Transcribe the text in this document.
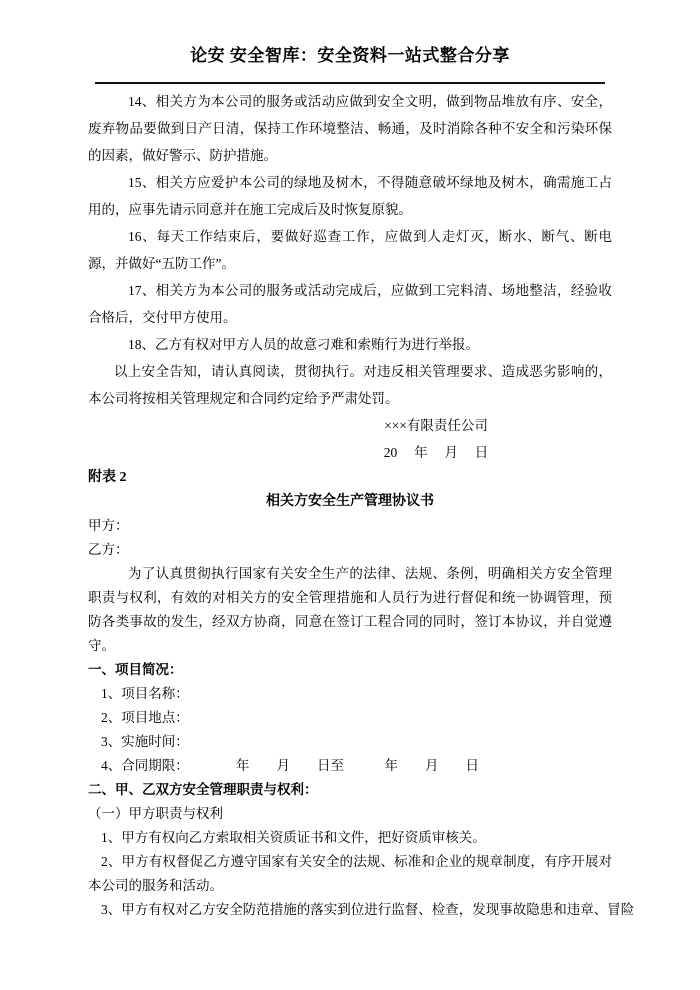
论安 安全智库：安全资料一站式整合分享

14、相关方为本公司的服务或活动应做到安全文明，做到物品堆放有序、安全，废弃物品要做到日产日清，保持工作环境整洁、畅通，及时消除各种不安全和污染环保的因素，做好警示、防护措施。

15、相关方应爱护本公司的绿地及树木，不得随意破坏绿地及树木，确需施工占用的，应事先请示同意并在施工完成后及时恢复原貌。

16、每天工作结束后，要做好巡查工作，应做到人走灯灭，断水、断气、断电源，并做好“五防工作”。

17、相关方为本公司的服务或活动完成后，应做到工完料清、场地整洁，经验收合格后，交付甲方使用。

18、乙方有权对甲方人员的故意刁难和索贿行为进行举报。

以上安全告知，请认真阅读，贯彻执行。对违反相关管理要求、造成恶劣影响的，本公司将按相关管理规定和合同约定给予严肃处罚。

×××有限责任公司

20　 年　 月　 日

附表 2

相关方安全生产管理协议书

甲方：

乙方：

为了认真贯彻执行国家有关安全生产的法律、法规、条例，明确相关方安全管理职责与权利，有效的对相关方的安全管理措施和人员行为进行督促和统一协调管理，预防各类事故的发生，经双方协商，同意在签订工程合同的同时，签订本协议，并自觉遵守。

一、项目简况：

1、项目名称：

2、项目地点：

3、实施时间：

4、合同期限：　　　　年　　月　　日至　　　年　　月　　日

二、甲、乙双方安全管理职责与权利：

（一）甲方职责与权利

1、甲方有权向乙方索取相关资质证书和文件，把好资质审核关。

2、甲方有权督促乙方遵守国家有关安全的法规、标准和企业的规章制度，有序开展对本公司的服务和活动。

3、甲方有权对乙方安全防范措施的落实到位进行监督、检查，发现事故隐患和违章、冒险
